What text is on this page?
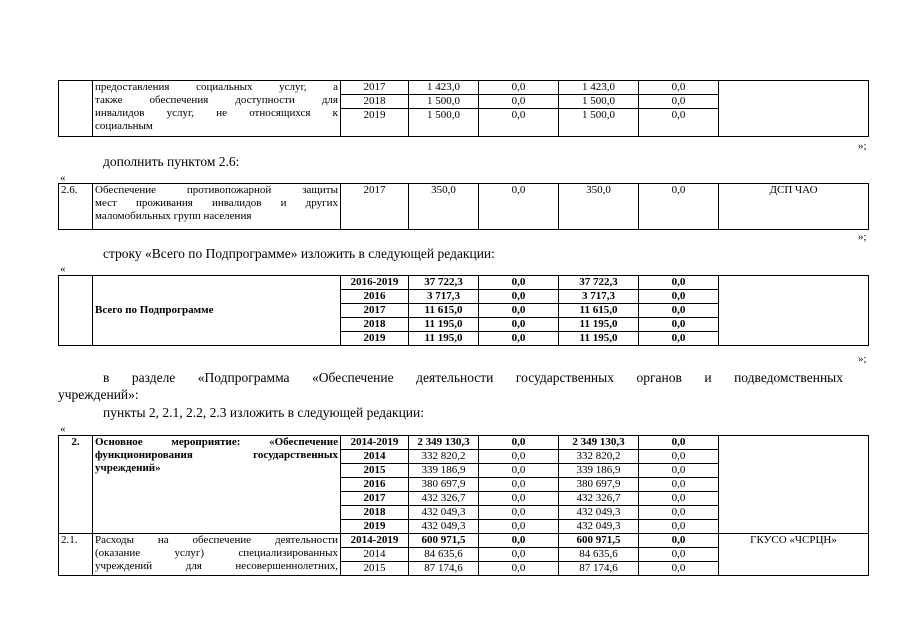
	предоставления социальных услуг, а
также обеспечения доступности для
инвалидов услуг, не относящихся к
социальным	2017	1 423,0	0,0	1 423,0	0,0	
		2018	1 500,0	0,0	1 500,0	0,0	
		2019	1 500,0	0,0	1 500,0	0,0	
»;

дополнить пунктом 2.6:

«
2.6.	Обеспечение противопожарной защиты
мест проживания инвалидов и других
маломобильных групп населения
	2017	350,0	0,0	350,0	0,0	ДСП ЧАО
»;

строку «Всего по Подпрограмме» изложить в следующей редакции:

«
	Всего по Подпрограмме	2016-2019	37 722,3	0,0	37 722,3	0,0	
		2016	3 717,3	0,0	3 717,3	0,0	
		2017	11 615,0	0,0	11 615,0	0,0	
		2018	11 195,0	0,0	11 195,0	0,0	
		2019	11 195,0	0,0	11 195,0	0,0	
»;

в разделе «Подпрограмма «Обеспечение деятельности государственных органов и подведомственных

учреждений»:

пункты 2, 2.1, 2.2, 2.3 изложить в следующей редакции:

«
2.	Основное мероприятие: «Обеспечение
функционирования государственных
учреждений»	2014-2019	2 349 130,3	0,0	2 349 130,3	0,0	
		2014	332 820,2	0,0	332 820,2	0,0	
		2015	339 186,9	0,0	339 186,9	0,0	
		2016	380 697,9	0,0	380 697,9	0,0	
		2017	432 326,7	0,0	432 326,7	0,0	
		2018	432 049,3	0,0	432 049,3	0,0	
		2019	432 049,3	0,0	432 049,3	0,0	
2.1.	Расходы на обеспечение деятельности
(оказание услуг) специализированных
учреждений для несовершеннолетних,	2014-2019	600 971,5	0,0	600 971,5	0,0	ГКУСО «ЧСРЦН»
		2014	84 635,6	0,0	84 635,6	0,0	
		2015	87 174,6	0,0	87 174,6	0,0	
